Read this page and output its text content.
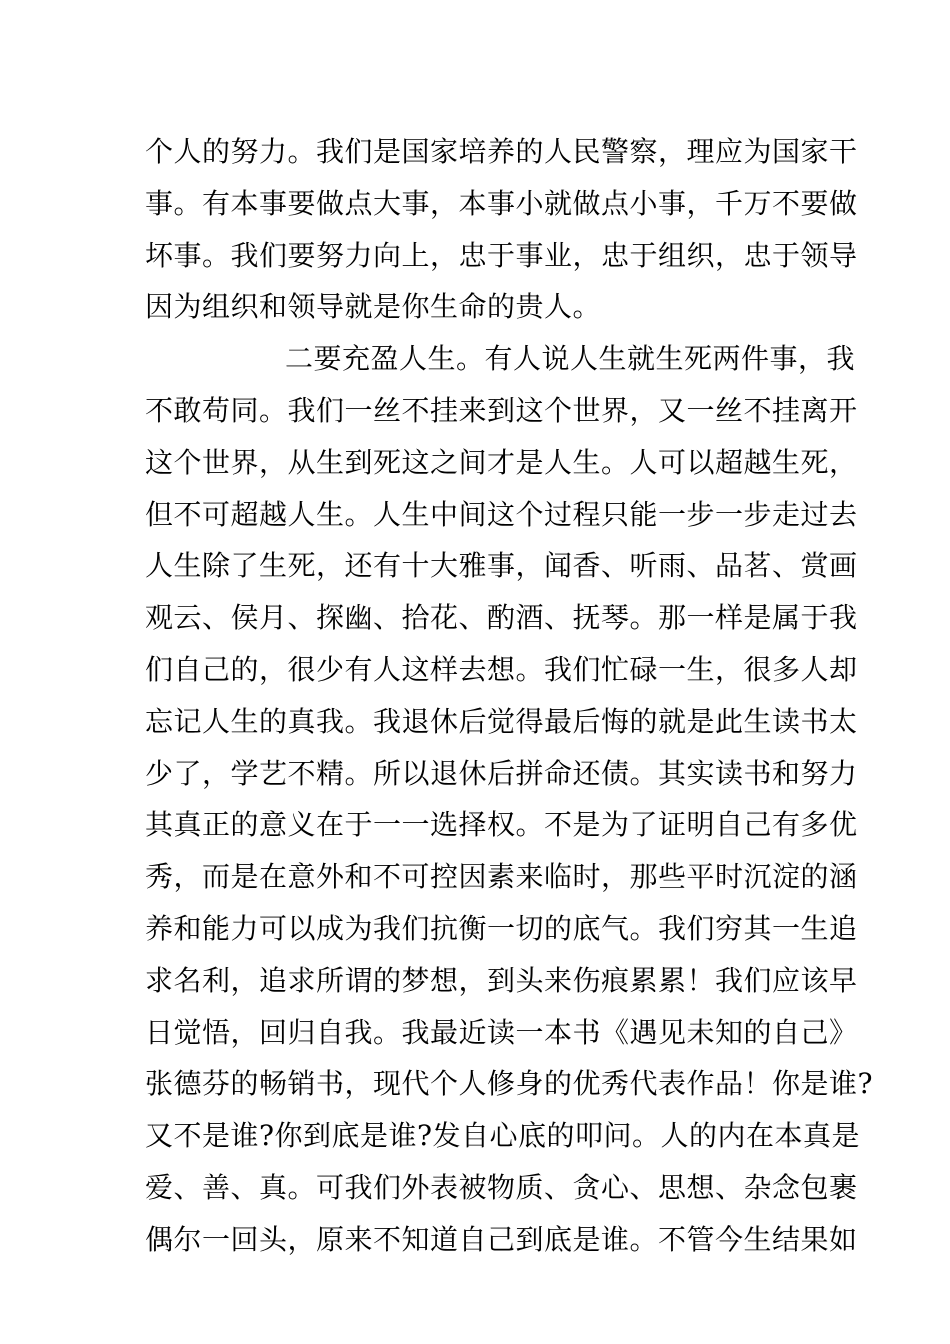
个人的努力。我们是国家培养的人民警察，理应为国家干
事。有本事要做点大事，本事小就做点小事，千万不要做
坏事。我们要努力向上，忠于事业，忠于组织，忠于领导
因为组织和领导就是你生命的贵人。
二要充盈人生。有人说人生就生死两件事，我
不敢苟同。我们一丝不挂来到这个世界，又一丝不挂离开
这个世界，从生到死这之间才是人生。人可以超越生死，
但不可超越人生。人生中间这个过程只能一步一步走过去
人生除了生死，还有十大雅事，闻香、听雨、品茗、赏画
观云、侯月、探幽、拾花、酌酒、抚琴。那一样是属于我
们自己的，很少有人这样去想。我们忙碌一生，很多人却
忘记人生的真我。我退休后觉得最后悔的就是此生读书太
少了，学艺不精。所以退休后拼命还债。其实读书和努力
其真正的意义在于一一选择权。不是为了证明自己有多优
秀，而是在意外和不可控因素来临时，那些平时沉淀的涵
养和能力可以成为我们抗衡一切的底气。我们穷其一生追
求名利，追求所谓的梦想，到头来伤痕累累！我们应该早
日觉悟，回归自我。我最近读一本书《遇见未知的自己》
张德芬的畅销书，现代个人修身的优秀代表作品！你是谁?
又不是谁?你到底是谁?发自心底的叩问。人的内在本真是
爱、善、真。可我们外表被物质、贪心、思想、杂念包裹
偶尔一回头，原来不知道自己到底是谁。不管今生结果如
